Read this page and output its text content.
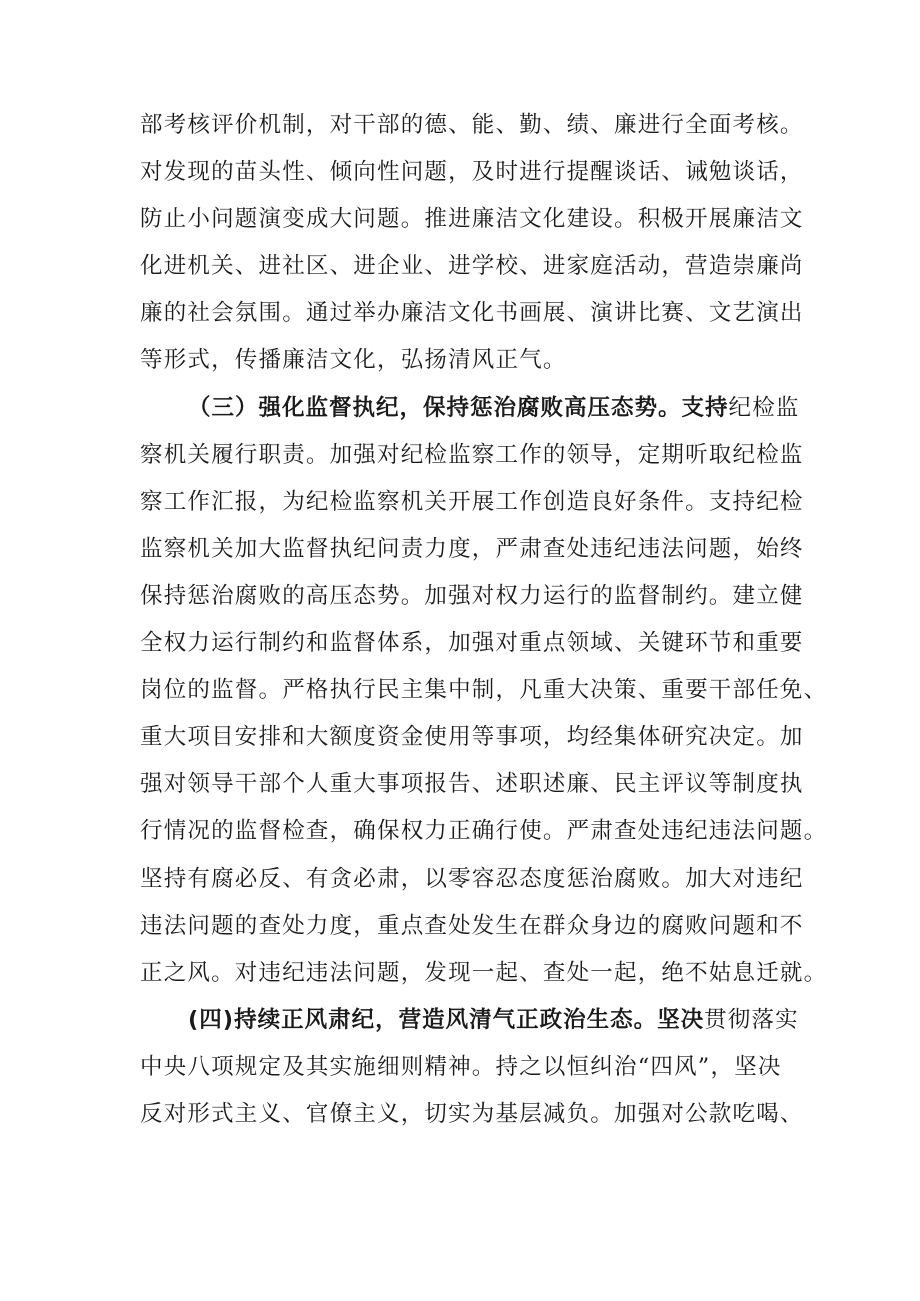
部考核评价机制，对干部的德、能、勤、绩、廉进行全面考核。
对发现的苗头性、倾向性问题，及时进行提醒谈话、诫勉谈话，
防止小问题演变成大问题。推进廉洁文化建设。积极开展廉洁文
化进机关、进社区、进企业、进学校、进家庭活动，营造崇廉尚
廉的社会氛围。通过举办廉洁文化书画展、演讲比赛、文艺演出
等形式，传播廉洁文化，弘扬清风正气。
（三）强化监督执纪，保持惩治腐败高压态势。支持纪检监
察机关履行职责。加强对纪检监察工作的领导，定期听取纪检监
察工作汇报，为纪检监察机关开展工作创造良好条件。支持纪检
监察机关加大监督执纪问责力度，严肃查处违纪违法问题，始终
保持惩治腐败的高压态势。加强对权力运行的监督制约。建立健
全权力运行制约和监督体系，加强对重点领域、关键环节和重要
岗位的监督。严格执行民主集中制，凡重大决策、重要干部任免、
重大项目安排和大额度资金使用等事项，均经集体研究决定。加
强对领导干部个人重大事项报告、述职述廉、民主评议等制度执
行情况的监督检查，确保权力正确行使。严肃查处违纪违法问题。
坚持有腐必反、有贪必肃，以零容忍态度惩治腐败。加大对违纪
违法问题的查处力度，重点查处发生在群众身边的腐败问题和不
正之风。对违纪违法问题，发现一起、查处一起，绝不姑息迁就。
(四)持续正风肃纪，营造风清气正政治生态。坚决贯彻落实
中央八项规定及其实施细则精神。持之以恒纠治“四风”，坚决
反对形式主义、官僚主义，切实为基层减负。加强对公款吃喝、
